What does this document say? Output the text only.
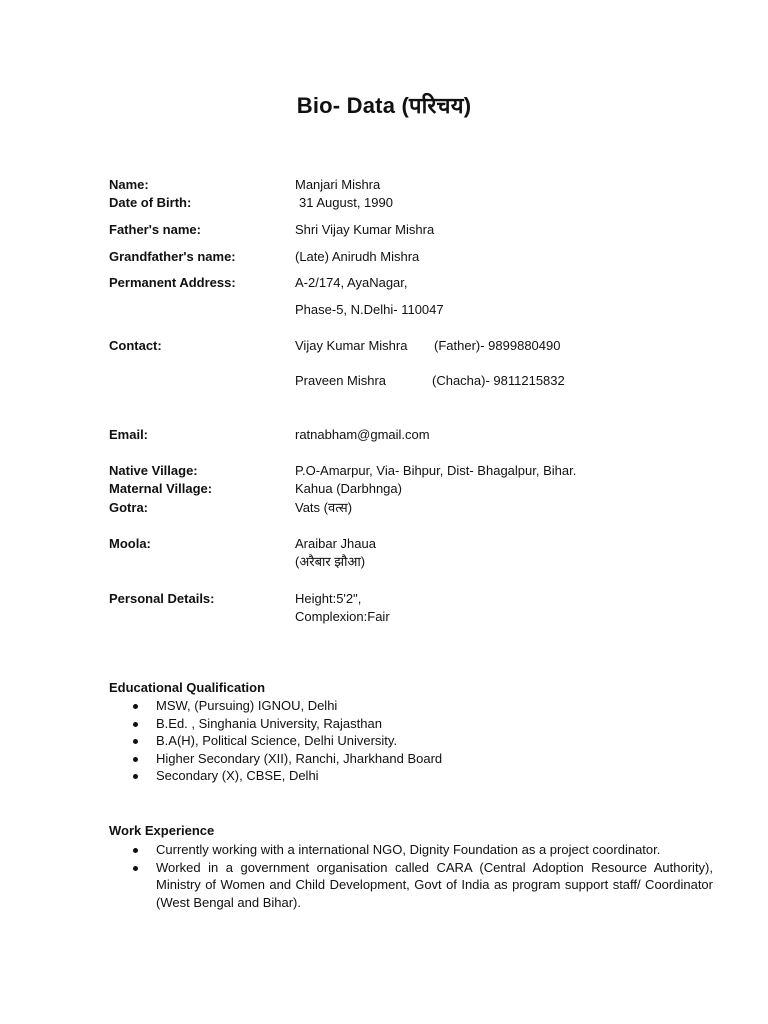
Bio- Data (परिचय)
Name:	Manjari Mishra
Date of Birth:	31 August, 1990
Father's name:	Shri Vijay Kumar Mishra
Grandfather's name:	(Late) Anirudh Mishra
Permanent Address:	A-2/174, AyaNagar,
Phase-5, N.Delhi- 110047
Contact:	Vijay Kumar Mishra (Father)- 9899880490
Praveen Mishra	(Chacha)- 9811215832
Email:	ratnabham@gmail.com
Native Village:	P.O-Amarpur, Via- Bihpur, Dist- Bhagalpur, Bihar.
Maternal Village:	Kahua (Darbhnga)
Gotra:	Vats (वत्स)
Moola:	Araibar Jhaua
(अरैबार झौआ)
Personal Details:	Height:5'2",
Complexion:Fair
Educational Qualification
MSW, (Pursuing) IGNOU, Delhi
B.Ed. , Singhania University, Rajasthan
B.A(H), Political Science, Delhi University.
Higher Secondary (XII), Ranchi, Jharkhand Board
Secondary (X), CBSE, Delhi
Work Experience
Currently working with a international NGO, Dignity Foundation as a project coordinator.
Worked in a government organisation called CARA (Central Adoption Resource Authority), Ministry of Women and Child Development, Govt of India as program support staff/ Coordinator (West Bengal and Bihar).
